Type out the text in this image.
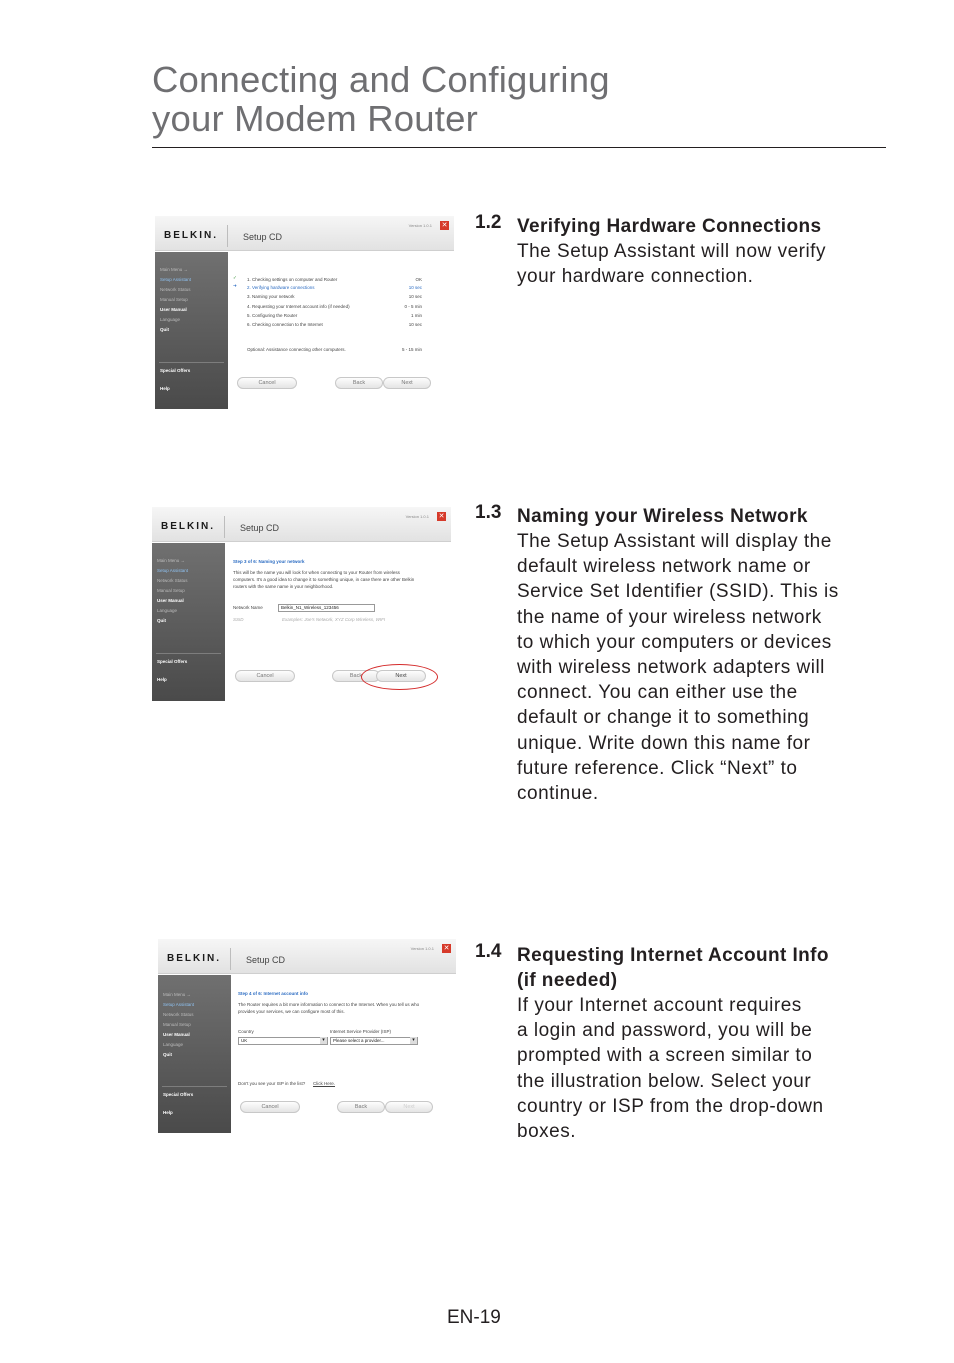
Connecting and Configuring
your Modem Router
1.2 Verifying Hardware Connections
The Setup Assistant will now verify
your hardware connection.
1.3 Naming your Wireless Network
The Setup Assistant will display the
default wireless network name or
Service Set Identifier (SSID). This is
the name of your wireless network
to which your computers or devices
with wireless network adapters will
connect. You can either use the
default or change it to something
unique. Write down this name for
future reference. Click “Next” to
continue.
1.4 Requesting Internet Account Info
(if needed)
If your Internet account requires
a login and password, you will be
prompted with a screen similar to
the illustration below. Select your
country or ISP from the drop-down
boxes.
BELKIN.	Setup CD
Version 1.0.1 ✕
Main Menu →
Setup Assistant
Network Status
Manual Setup
User Manual
Language
Quit
Special Offers
Help
✓
➜
1. Checking settings on computer and Router	OK
2. Verifying hardware connections	10 sec
3. Naming your network	10 sec
4. Requesting your Internet account info (if needed)	0 - 5 min
5. Configuring the Router	1 min
6. Checking connection to the Internet	10 sec
Optional: Assistance connecting other computers.	5 - 15 min
Cancel	Back	Next
BELKIN.	Setup CD
Version 1.0.1 ✕
Main Menu →
Setup Assistant
Network Status
Manual Setup
User Manual
Language
Quit
Special Offers
Help
Step 3 of 6: Naming your network
This will be the name you will look for when connecting to your Router from wireless
computers. It's a good idea to change it to something unique, in case there are other Belkin
routers with the same name in your neighborhood.
Network Name	Belkin_N1_Wireless_123456
SSID	Examples: Joe's Network, XYZ Corp Wireless, WIFI
Cancel	Back	Next
BELKIN.	Setup CD
Version 1.0.1 ✕
Main Menu →
Setup Assistant
Network Status
Manual Setup
User Manual
Language
Quit
Special Offers
Help
Step 4 of 6: Internet account info
The Router requires a bit more information to connect to the Internet. When you tell us who
provides your services, we can configure most of this.
Country
UK ▾
Internet Service Provider (ISP)
Please select a provider... ▾
Don't you see your ISP in the list? Click Here.
Cancel	Back	Next
EN-19
